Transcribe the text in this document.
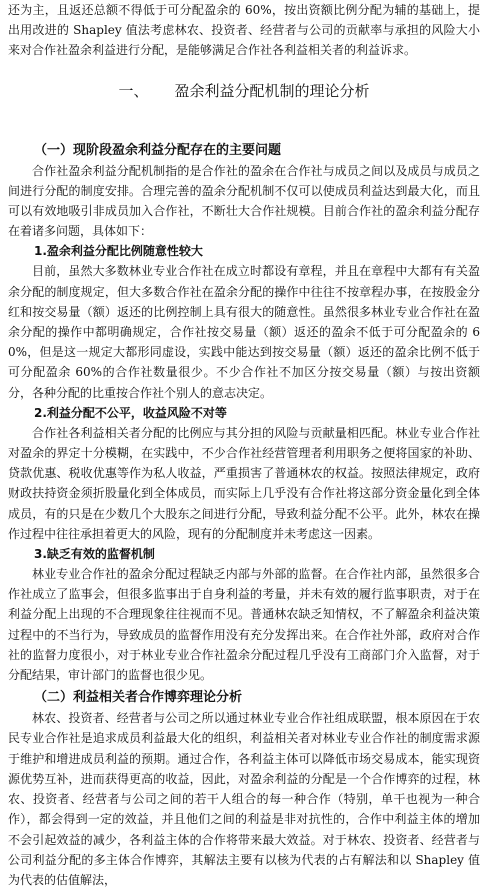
还为主，且返还总额不得低于可分配盈余的 60%，按出资额比例分配为辅的基础上，提出用改进的 Shapley 值法考虑林农、投资者、经营者与公司的贡献率与承担的风险大小来对合作社盈余利益进行分配，是能够满足合作社各利益相关者的利益诉求。

一、 盈余利益分配机制的理论分析
（一）现阶段盈余利益分配存在的主要问题

合作社盈余利益分配机制指的是合作社的盈余在合作社与成员之间以及成员与成员之间进行分配的制度安排。合理完善的盈余分配机制不仅可以使成员利益达到最大化，而且可以有效地吸引非成员加入合作社，不断壮大合作社规模。目前合作社的盈余利益分配存在着诸多问题，具体如下：

1.盈余利益分配比例随意性较大

目前，虽然大多数林业专业合作社在成立时都设有章程，并且在章程中大都有有关盈余分配的制度规定，但大多数合作社在盈余分配的操作中往往不按章程办事，在按股金分红和按交易量（额）返还的比例控制上具有很大的随意性。虽然很多林业专业合作社在盈余分配的操作中都明确规定，合作社按交易量（额）返还的盈余不低于可分配盈余的 60%，但是这一规定大都形同虚设，实践中能达到按交易量（额）返还的盈余比例不低于可分配盈余 60%的合作社数量很少。不少合作社不加区分按交易量（额）与按出资额分，各种分配的比重按合作社个别人的意志决定。

2.利益分配不公平，收益风险不对等

合作社各利益相关者分配的比例应与其分担的风险与贡献量相匹配。林业专业合作社对盈余的界定十分模糊，在实践中，不少合作社经营管理者利用职务之便将国家的补助、贷款优惠、税收优惠等作为私人收益，严重损害了普通林农的权益。按照法律规定，政府财政扶持资金须折股量化到全体成员，而实际上几乎没有合作社将这部分资金量化到全体成员，有的只是在少数几个大股东之间进行分配，导致利益分配不公平。此外，林农在操作过程中往往承担着更大的风险，现有的分配制度并未考虑这一因素。

3.缺乏有效的监督机制

林业专业合作社的盈余分配过程缺乏内部与外部的监督。在合作社内部，虽然很多合作社成立了监事会，但很多监事出于自身利益的考量，并未有效的履行监事职责，对于在利益分配上出现的不合理现象往往视而不见。普通林农缺乏知情权，不了解盈余利益决策过程中的不当行为，导致成员的监督作用没有充分发挥出来。在合作社外部，政府对合作社的监督力度很小，对于林业专业合作社盈余分配过程几乎没有工商部门介入监督，对于分配结果，审计部门的监督也很少见。

（二）利益相关者合作博弈理论分析

林农、投资者、经营者与公司之所以通过林业专业合作社组成联盟，根本原因在于农民专业合作社是追求成员利益最大化的组织，利益相关者对林业专业合作社的制度需求源于维护和增进成员利益的预期。通过合作，各利益主体可以降低市场交易成本，能实现资源优势互补，进而获得更高的收益，因此，对盈余利益的分配是一个合作博弈的过程，林农、投资者、经营者与公司之间的若干人组合的每一种合作（特别，单干也视为一种合作），都会得到一定的效益，并且他们之间的利益是非对抗性的，合作中利益主体的增加不会引起效益的减少，各利益主体的合作将带来最大效益。对于林农、投资者、经营者与公司利益分配的多主体合作博弈，其解法主要有以核为代表的占有解法和以 Shapley 值为代表的估值解法，
